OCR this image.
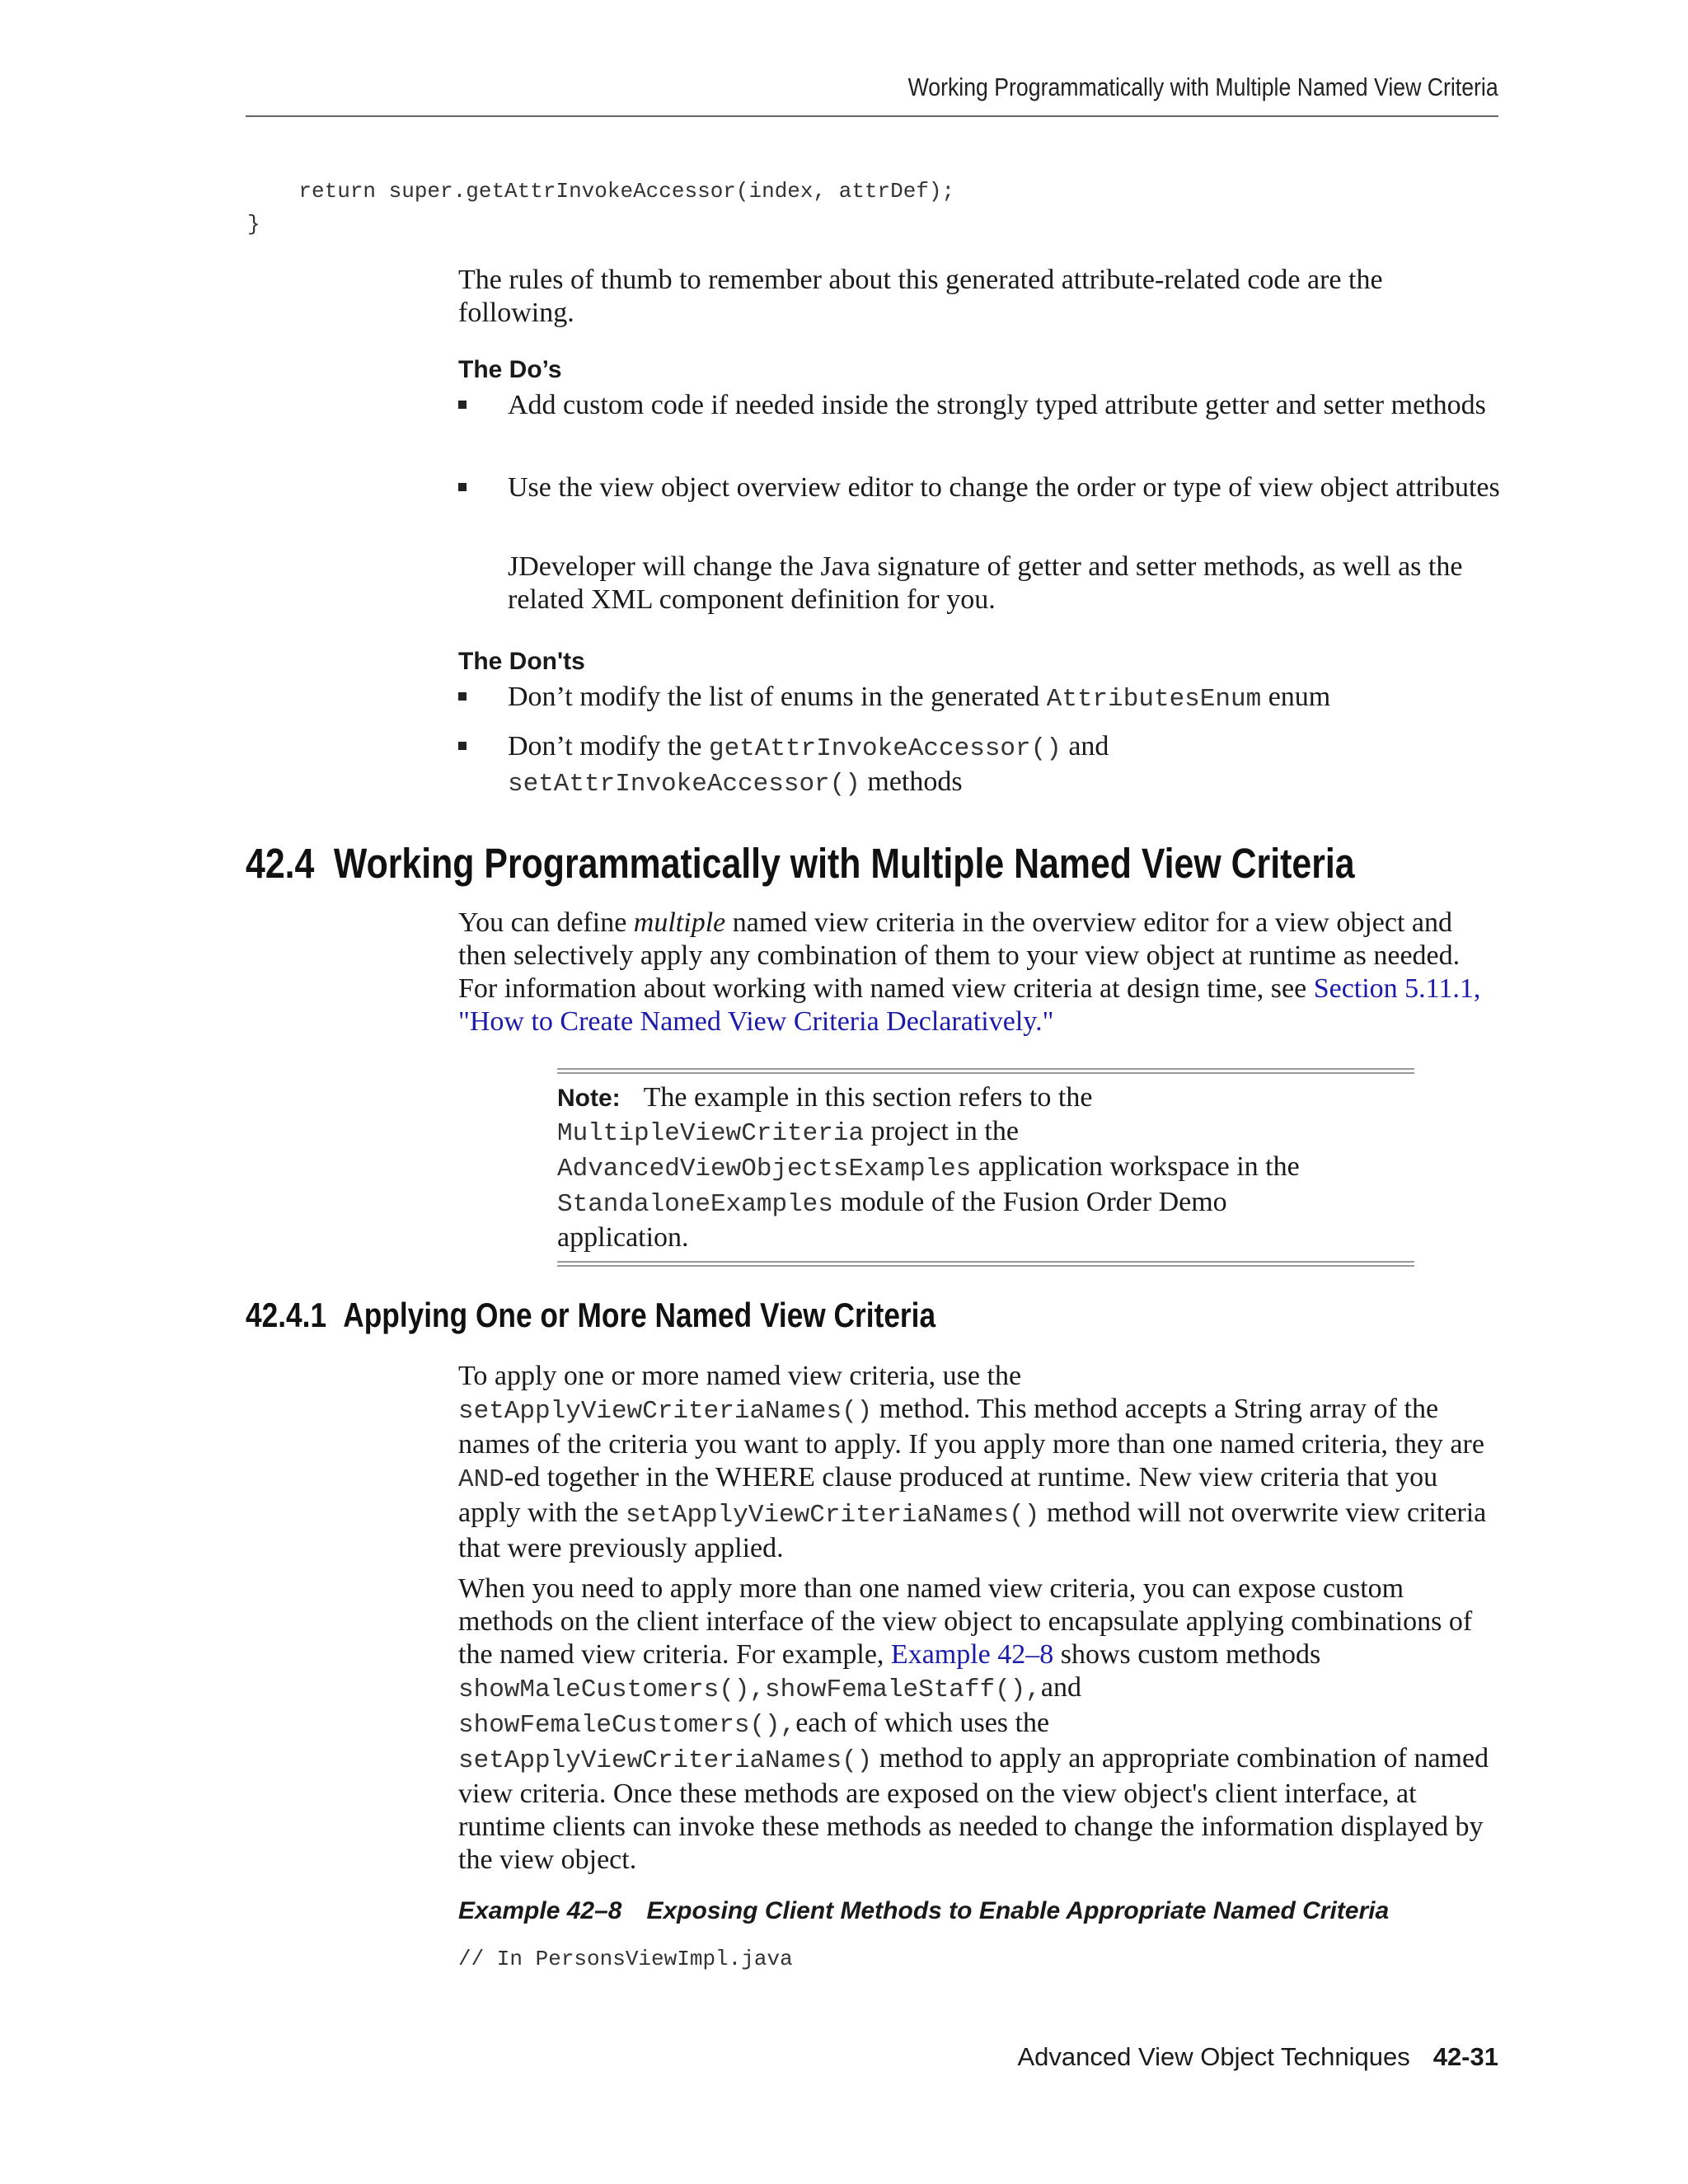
Working Programmatically with Multiple Named View Criteria
return super.getAttrInvokeAccessor(index, attrDef);
}

The rules of thumb to remember about this generated attribute-related code are the following.

The Do’s
Add custom code if needed inside the strongly typed attribute getter and setter methods
Use the view object overview editor to change the order or type of view object attributes
JDeveloper will change the Java signature of getter and setter methods, as well as the related XML component definition for you.
The Don'ts
Don’t modify the list of enums in the generated AttributesEnum enum
Don’t modify the getAttrInvokeAccessor() and
setAttrInvokeAccessor() methods
42.4 Working Programmatically with Multiple Named View Criteria

You can define multiple named view criteria in the overview editor for a view object and then selectively apply any combination of them to your view object at runtime as needed. For information about working with named view criteria at design time, see Section 5.11.1, "How to Create Named View Criteria Declaratively."

Note: The example in this section refers to the
MultipleViewCriteria project in the
AdvancedViewObjectsExamples application workspace in the
StandaloneExamples module of the Fusion Order Demo
application.
42.4.1 Applying One or More Named View Criteria

To apply one or more named view criteria, use the
setApplyViewCriteriaNames() method. This method accepts a String array of the names of the criteria you want to apply. If you apply more than one named criteria, they are AND-ed together in the WHERE clause produced at runtime. New view criteria that you apply with the setApplyViewCriteriaNames() method will not overwrite view criteria that were previously applied.

When you need to apply more than one named view criteria, you can expose custom methods on the client interface of the view object to encapsulate applying combinations of the named view criteria. For example, Example 42–8 shows custom methods showMaleCustomers(),showFemaleStaff(),and
showFemaleCustomers(),each of which uses the
setApplyViewCriteriaNames() method to apply an appropriate combination of named view criteria. Once these methods are exposed on the view object's client interface, at runtime clients can invoke these methods as needed to change the information displayed by the view object.

Example 42–8 Exposing Client Methods to Enable Appropriate Named Criteria
// In PersonsViewImpl.java
Advanced View Object Techniques 42-31
